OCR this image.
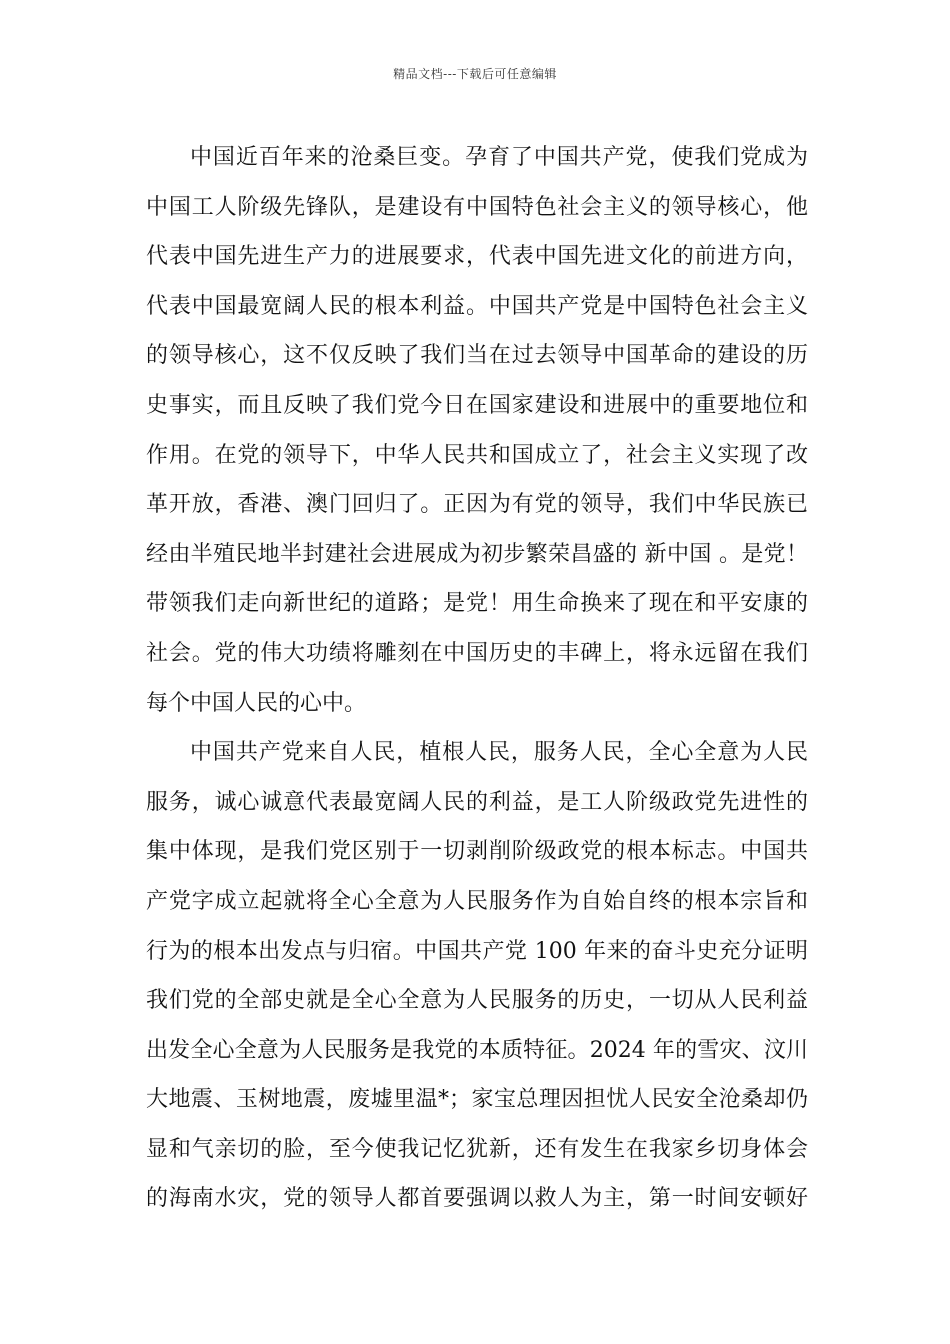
精品文档---下载后可任意编辑
中国近百年来的沧桑巨变。孕育了中国共产党，使我们党成为
中国工人阶级先锋队，是建设有中国特色社会主义的领导核心，他
代表中国先进生产力的进展要求，代表中国先进文化的前进方向，
代表中国最宽阔人民的根本利益。中国共产党是中国特色社会主义
的领导核心，这不仅反映了我们当在过去领导中国革命的建设的历
史事实，而且反映了我们党今日在国家建设和进展中的重要地位和
作用。在党的领导下，中华人民共和国成立了，社会主义实现了改
革开放，香港、澳门回归了。正因为有党的领导，我们中华民族已
经由半殖民地半封建社会进展成为初步繁荣昌盛的 新中国 。是党！
带领我们走向新世纪的道路；是党！用生命换来了现在和平安康的
社会。党的伟大功绩将雕刻在中国历史的丰碑上，将永远留在我们
每个中国人民的心中。
中国共产党来自人民，植根人民，服务人民，全心全意为人民
服务，诚心诚意代表最宽阔人民的利益，是工人阶级政党先进性的
集中体现，是我们党区别于一切剥削阶级政党的根本标志。中国共
产党字成立起就将全心全意为人民服务作为自始自终的根本宗旨和
行为的根本出发点与归宿。中国共产党 100 年来的奋斗史充分证明
我们党的全部史就是全心全意为人民服务的历史，一切从人民利益
出发全心全意为人民服务是我党的本质特征。2024 年的雪灾、汶川
大地震、玉树地震，废墟里温*；家宝总理因担忧人民安全沧桑却仍
显和气亲切的脸，至今使我记忆犹新，还有发生在我家乡切身体会
的海南水灾，党的领导人都首要强调以救人为主，第一时间安顿好
